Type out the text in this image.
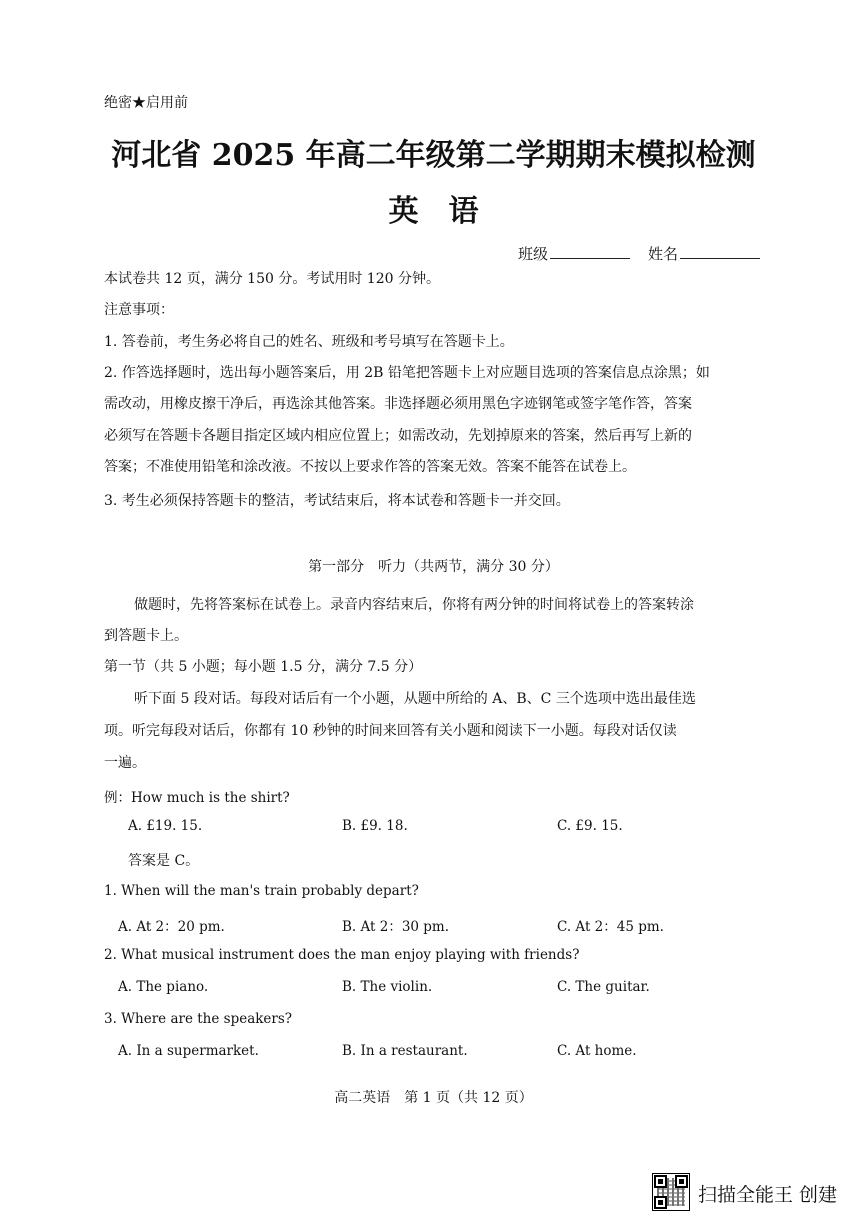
绝密★启用前
河北省 2025 年高二年级第二学期期末模拟检测
英　语
班级	姓名
本试卷共 12 页，满分 150 分。考试用时 120 分钟。
注意事项：
1. 答卷前，考生务必将自己的姓名、班级和考号填写在答题卡上。
2. 作答选择题时，选出每小题答案后，用 2B 铅笔把答题卡上对应题目选项的答案信息点涂黑；如
需改动，用橡皮擦干净后，再选涂其他答案。非选择题必须用黑色字迹钢笔或签字笔作答，答案
必须写在答题卡各题目指定区域内相应位置上；如需改动，先划掉原来的答案，然后再写上新的
答案；不准使用铅笔和涂改液。不按以上要求作答的答案无效。答案不能答在试卷上。
3. 考生必须保持答题卡的整洁，考试结束后，将本试卷和答题卡一并交回。
第一部分　听力（共两节，满分 30 分）
做题时，先将答案标在试卷上。录音内容结束后，你将有两分钟的时间将试卷上的答案转涂
到答题卡上。
第一节（共 5 小题；每小题 1.5 分，满分 7.5 分）
听下面 5 段对话。每段对话后有一个小题，从题中所给的 A、B、C 三个选项中选出最佳选
项。听完每段对话后，你都有 10 秒钟的时间来回答有关小题和阅读下一小题。每段对话仅读
一遍。
例：How much is the shirt?
A. £19. 15.	B. £9. 18.	C. £9. 15.
答案是 C。
1. When will the man's train probably depart?
A. At 2：20 pm.	B. At 2：30 pm.	C. At 2：45 pm.
2. What musical instrument does the man enjoy playing with friends?
A. The piano.	B. The violin.	C. The guitar.
3. Where are the speakers?
A. In a supermarket.	B. In a restaurant.	C. At home.
高二英语　第 1 页（共 12 页）
扫描全能王 创建
